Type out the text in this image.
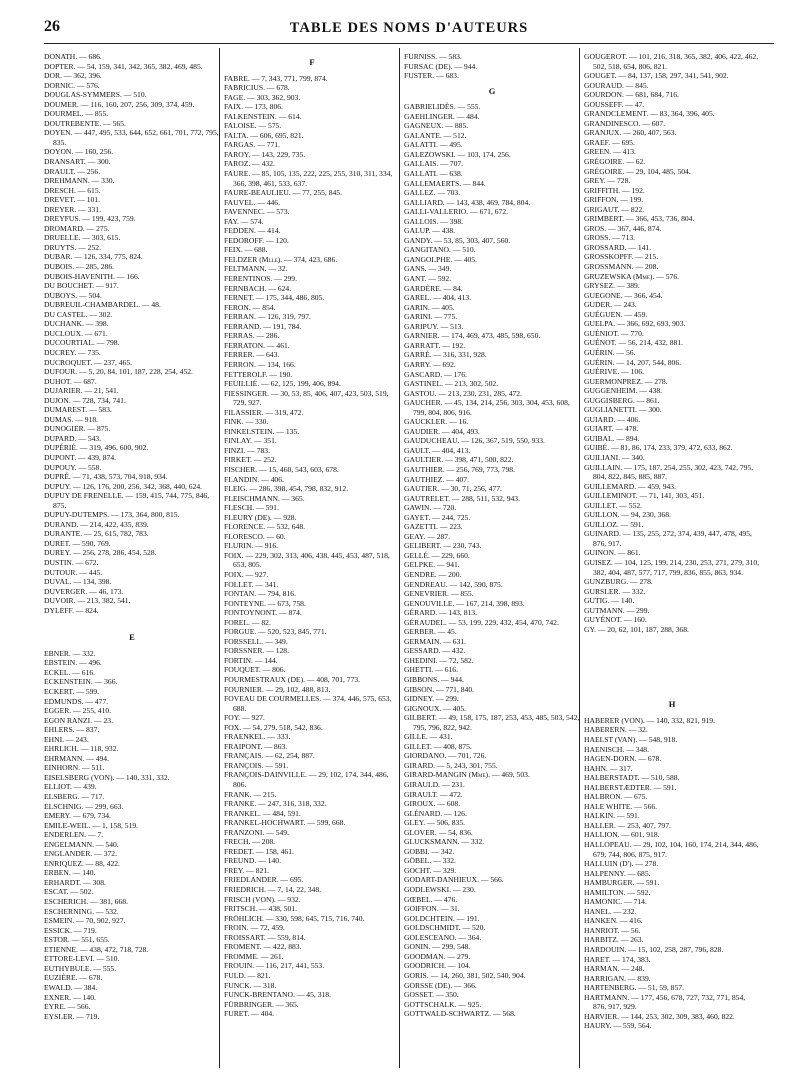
26	TABLE DES NOMS D'AUTEURS
DONATH. — 686.
DOPTER. — 54, 159, 341, 342, 365, 382, 469, 485.
DOR. — 362, 396.
DORNIC. — 576.
DOUGLAS-SYMMERS. — 510.
DOUMER. — 116, 160, 207, 256, 309, 374, 459.
DOURMEL. — 855.
DOUTREBENTE. — 565.
DOYEN. — 447, 495, 533, 644, 652, 661, 701, 772, 795, 835.
DOYON. — 160, 256.
DRANSART. — 300.
DRAULT. — 256.
DREHMANN. — 330.
DRESCH. — 615.
DREVET. — 101.
DREYER. — 331.
DREYFUS. — 199, 423, 759.
DROMARD. — 275.
DRUELLE. — 303, 615.
DRUYTS. — 252.
DUBAR. — 126, 334, 775, 824.
DUBOIS. — 285, 286.
DUBOIS-HAVENITH. — 166.
DU BOUCHET. — 917.
DUBOYS. — 504.
DUBREUIL-CHAMBARDEL. — 48.
DU CASTEL. — 302.
DUCHANK. — 398.
DUCLOUX. — 671.
DUCOURTIAL. — 798.
DUCREY. — 735.
DUCROQUET. — 237, 465.
DUFOUR. — 5, 20, 84, 101, 187, 228, 254, 452.
DUHOT. — 687.
DUJARIER. — 21, 541.
DUJON. — 728, 734, 741.
DUMAREST. — 583.
DUMAS. — 918.
DUNOGIER. — 875.
DUPARD. — 543.
DUPÉRIÉ. — 319, 496, 600, 902.
DUPONT. — 439, 874.
DUPOUY. — 558.
DUPRÉ. — 71, 438, 573, 704, 918, 934.
DUPUY. — 126, 176, 200, 256, 342, 368, 440, 624.
DUPUY DE FRENELLE. — 159, 415, 744, 775, 846, 875.
DUPUY-DUTEMPS. — 173, 364, 800, 815.
DURAND. — 214, 422, 435, 839.
DURANTE. — 25, 615, 782, 783.
DURET. — 590, 769.
DUREY. — 256, 278, 286, 454, 528.
DUSTIN. — 672.
DUTOUR. — 445.
DUVAL. — 134, 398.
DUVERGER. — 46, 173.
DUVOIR. — 213, 382, 541.
DYLEFF. — 824.
E
EBNER. — 332.
EBSTEIN. — 496.
ECKEL. — 616.
ECKENSTEIN. — 366.
ECKERT. — 599.
EDMUNDS. — 477.
EGGER. — 255, 410.
EGON RANZI. — 23.
EHLERS. — 837.
EHNI. — 243.
EHRLICH. — 118, 932.
EHRMANN. — 494.
EINHORN. — 511.
EISELSBERG (VON). — 140, 331, 332.
ELLIOT. — 439.
ELSBERG. — 717.
ELSCHNIG. — 299, 663.
EMERY. — 679, 734.
EMILE-WEIL. — 1, 158, 519.
ENDERLEN. — 7.
ENGELMANN. — 540.
ENGLANDER. — 372.
ENRIQUEZ. — 88, 422.
ERBEN. — 140.
ERHARDT. — 308.
ESCAT. — 502.
ESCHERICH. — 381, 668.
ESCHERNING. — 532.
ESMEIN. — 70, 902, 927.
ESSICK. — 719.
ESTOR. — 551, 655.
ETIENNE. — 438, 472, 718, 728.
ETTORE-LEVI. — 510.
EUTHYBULE. — 555.
EUZIÈRE. — 678.
EWALD. — 384.
EXNER. — 140.
EYRE. — 566.
EYSLER. — 719.
F
FABRE. — 7, 343, 771, 799, 874.
FABRICIUS. — 678.
FAGE. — 303, 362, 903.
FAIX. — 173, 806.
FALKENSTEIN. — 614.
FALOISE. — 575.
FALTA. — 606, 695, 821.
FARGAS. — 771.
FAROY. — 143, 229, 735.
FAROZ. — 432.
FAURE. — 85, 105, 135, 222, 225, 255, 310, 311, 334, 366, 398, 461, 533, 637.
FAURE-BEAULIEU. — 77, 255, 845.
FAUVEL. — 446.
FAVENNEC. — 573.
FAY. — 574.
FEDDEN. — 414.
FEDOROFF. — 120.
FEIX. — 688.
FELDZER (Mlle). — 374, 423, 686.
FELTMANN. — 32.
FERENTINOS. — 299.
FERNBACH. — 624.
FERNET. — 175, 344, 486, 805.
FERON. — 854.
FERRAN. — 126, 319, 797.
FERRAND. — 191, 784.
FERRAS. — 286.
FERRATON. — 461.
FERRER. — 643.
FERRON. — 134, 166.
FETTEROLF. — 190.
FEUILLIÉ. — 62, 125, 199, 406, 894.
FIESSINGER. — 30, 53, 85, 406, 407, 423, 503, 519, 729, 927.
FILASSIER. — 319, 472.
FINK. — 330.
FINKELSTEIN. — 135.
FINLAY. — 351.
FINZI. — 783.
FIRKET. — 252.
FISCHER. — 15, 460, 543, 603, 678.
FLANDIN. — 406.
FLEIG. — 286, 398, 454, 798, 832, 912.
FLEISCHMANN. — 365.
FLESCH. — 591.
FLEURY (DE). — 928.
FLORENCE. — 532, 648.
FLORESCO. — 60.
FLURIN. — 916.
FOIX. — 229, 302, 313, 406, 438, 445, 453, 487, 518, 653, 805.
FOIX. — 927.
FOLLET. — 341.
FONTAN. — 794, 816.
FONTEYNE. — 673, 758.
FONTOYNONT. — 874.
FOREL. — 82.
FORGUE. — 520, 523, 845, 771.
FORSSELL. — 349.
FORSSNER. — 128.
FORTIN. — 144.
FOUQUET. — 806.
FOURMESTRAUX (DE). — 408, 701, 773.
FOURNIER. — 29, 102, 488, 813.
FOVEAU DE COURMELLES. — 374, 446, 575, 653, 688.
FOY. — 927.
FOX. — 54, 279, 518, 542, 836.
FRAENKEL. — 333.
FRAIPONT. — 863.
FRANÇAIS. — 62, 254, 887.
FRANÇOIS. — 591.
FRANÇOIS-DAINVILLE. — 29, 102, 174, 344, 486, 806.
FRANK. — 215.
FRANKE. — 247, 316, 318, 332.
FRANKEL. — 484, 591.
FRANKEL-HOCHWART. — 599, 668.
FRANZONI. — 549.
FRECH. — 208.
FREDET. — 158, 461.
FREUND. — 140.
FREY. — 821.
FRIEDLANDER. — 695.
FRIEDRICH. — 7, 14, 22, 348.
FRISCH (VON). — 932.
FRITSCH. — 438, 501.
FRÖHLICH. — 330, 598, 645, 715, 716, 740.
FROIN. — 72, 459.
FROISSART. — 559, 814.
FROMENT. — 422, 883.
FROMME. — 261.
FROUIN. — 116, 217, 441, 553.
FULD. — 821.
FUNCK. — 318.
FUNCK-BRENTANO. — 45, 318.
FÜRBRINGER. — 365.
FURET. — 404.
FURNISS. — 583.
FURSAC (DE). — 944.
FUSTER. — 683.
G
GABRIELIDÈS. — 555.
GAEHLINGER. — 484.
GAGNEUX. — 885.
GALANTE. — 512.
GALATTI. — 495.
GALEZOWSKI. — 103, 174, 256.
GALLAIS. — 707.
GALLATI. — 638.
GALLEMAERTS. — 844.
GALLEZ. — 703.
GALLIARD. — 143, 438, 469, 784, 804.
GALLI-VALLERIO. — 671, 672.
GALLOIS. — 398.
GALUP. — 438.
GANDY. — 53, 85, 303, 407, 560.
GANGITANO. — 510.
GANGOLPHE. — 405.
GANS. — 349.
GANT. — 592.
GARDÈRE. — 84.
GAREL. — 404, 413.
GARIN. — 405.
GARINI. — 775.
GARIPUY. — 513.
GARNIER. — 174, 469, 473, 485, 598, 650.
GARRATT. — 192.
GARRÉ. — 316, 331, 928.
GARRY. — 692.
GASCARD. — 176.
GASTINEL. — 213, 302, 502.
GASTOU. — 213, 230, 231, 285, 472.
GAUCHER. — 45, 134, 214, 256, 303, 304, 453, 608, 799, 804, 806, 916.
GAUCKLER. — 16.
GAUDIER. — 404, 493.
GAUDUCHEAU. — 126, 367, 519, 550, 933.
GAULT. — 404, 413.
GAULTIER. — 398, 471, 500, 822.
GAUTHIER. — 256, 769, 773, 798.
GAUTHIEZ. — 407.
GAUTIER. — 30, 71, 256, 477.
GAUTRELET. — 288, 511, 532, 943.
GAWIN. — 720.
GAYET. — 244, 725.
GAZETTI. — 223.
GEAY. — 287.
GELIBERT. — 230, 743.
GELLÉ. — 229, 660.
GELPKE. — 941.
GENDRE. — 200.
GENDREAU. — 142, 590, 875.
GENEVRIER. — 855.
GENOUVILLE. — 167, 214, 398, 893.
GÉRARD. — 143, 813.
GÉRAUDEL. — 53, 199, 229, 432, 454, 470, 742.
GERBER. — 45.
GERMAIN. — 631.
GESSARD. — 432.
GHEDINI. — 72, 582.
GHETTI. — 616.
GIBBONS. — 944.
GIBSON. — 771, 840.
GIDNEY. — 299.
GIGNOUX. — 405.
GILBERT. — 49, 158, 175, 187, 253, 453, 485, 503, 542, 795, 796, 822, 942.
GILLE. — 431.
GILLET. — 408, 875.
GIORDANO. — 701, 726.
GIRARD. — 5, 243, 301, 755.
GIRARD-MANGIN (Mme). — 469, 503.
GIRAULD. — 231.
GIRAULT. — 472.
GIROUX. — 608.
GLÉNARD. — 126.
GLEY. — 506, 835.
GLOVER. — 54, 836.
GLUCKSMANN. — 332.
GOBBI. — 342.
GÖBEL. — 332.
GOCHT. — 329.
GODART-DANHIEUX. — 566.
GODLEWSKI. — 230.
GŒBEL. — 476.
GOIFFON. — 31.
GOLDCHTEIN. — 191.
GOLDSCHMIDT. — 520.
GOLESCEANO. — 364.
GONIN. — 299, 548.
GOODMAN. — 279.
GOODRICH. — 104.
GORIS. — 14, 260, 381, 502, 540, 904.
GORSSE (DE). — 366.
GOSSET. — 350.
GOTTSCHALK. — 925.
GOTTWALD-SCHWARTZ. — 568.
GOUGEROT. — 101, 216, 318, 365, 382, 406, 422, 462, 502, 518, 654, 806, 821.
GOUGET. — 84, 137, 158, 297, 341, 541, 902.
GOURAUD. — 845.
GOURDON. — 681, 684, 716.
GOUSSEFF. — 47.
GRANDCLEMENT. — 83, 364, 396, 405.
GRANDINESCO. — 607.
GRANJUX. — 260, 407, 563.
GRAEF. — 695.
GREEN. — 413.
GRÉGOIRE. — 62.
GRÉGOIRE. — 29, 104, 485, 504.
GREY. — 728.
GRIFFITH. — 192.
GRIFFON. — 199.
GRIGAUT. — 822.
GRIMBERT. — 366, 453, 736, 804.
GROS. — 367, 446, 874.
GROSS. — 713.
GROSSARD. — 141.
GROSSKOPFF. — 215.
GROSSMANN. — 208.
GRUZEWSKA (Mme). — 576.
GRYSEZ. — 389.
GUEGONE. — 366, 454.
GUDER. — 243.
GUÉGUEN. — 459.
GUELPA. — 366, 692, 693, 903.
GUÉNIOT. — 770.
GUÉNOT. — 56, 214, 432, 881.
GUÉRIN. — 56.
GUÉRIN. — 14, 207, 544, 806.
GUÉRIVE. — 106.
GUERMONPREZ. — 278.
GUGGENHEIM. — 438.
GUGGISBERG. — 861.
GUGLIANETTI. — 300.
GUIARD. — 406.
GUIART. — 478.
GUIBAL. — 894.
GUIBÉ. — 81, 86, 174, 233, 379, 472, 633, 862.
GUILIANI. — 340.
GUILLAIN. — 175, 187, 254, 255, 302, 423, 742, 795, 804, 822, 845, 885, 887.
GUILLEMARD. — 459, 943.
GUILLEMINOT. — 71, 141, 303, 451.
GUILLET. — 552.
GUILLON. — 94, 230, 368.
GUILLOZ. — 591.
GUINARD. — 135, 255, 272, 374, 439, 447, 478, 495, 876, 917.
GUINON. — 861.
GUISEZ. — 104, 125, 199, 214, 230, 253, 271, 279, 310, 382, 404, 487, 577, 717, 799, 836, 855, 863, 934.
GUNZBURG. — 278.
GURSLER. — 332.
GUTIG. — 140.
GUTMANN. — 299.
GUYÉNOT. — 160.
GY. — 20, 62, 101, 187, 288, 368.
H
HABERER (VON). — 140, 332, 821, 919.
HABERERN. — 32.
HAELST (VAN). — 548, 918.
HAENISCH. — 348.
HAGEN-DORN. — 678.
HAHN. — 317.
HALBERSTADT. — 510, 588.
HALBERSTÆDTER. — 591.
HALBRON. — 675.
HALE WHITE. — 566.
HALKIN. — 591.
HALLER. — 253, 407, 797.
HALLION. — 601, 918.
HALLOPEAU. — 29, 102, 104, 160, 174, 214, 344, 486, 679, 744, 806, 875, 917.
HALLUIN (D'). — 278.
HALPENNY. — 685.
HAMBURGER. — 591.
HAMILTON. — 592.
HAMONIC. — 714.
HANEL. — 232.
HANKEN. — 416.
HANRIOT. — 56.
HARBITZ. — 263.
HARDOUIN. — 15, 102, 258, 287, 796, 828.
HARET. — 174, 383.
HARMAN. — 248.
HARRIGAN. — 839.
HARTENBERG. — 51, 59, 857.
HARTMANN. — 177, 456, 678, 727, 732, 771, 854, 876, 917, 929.
HARVIER. — 144, 253, 302, 309, 383, 460, 822.
HAURY. — 559, 564.
